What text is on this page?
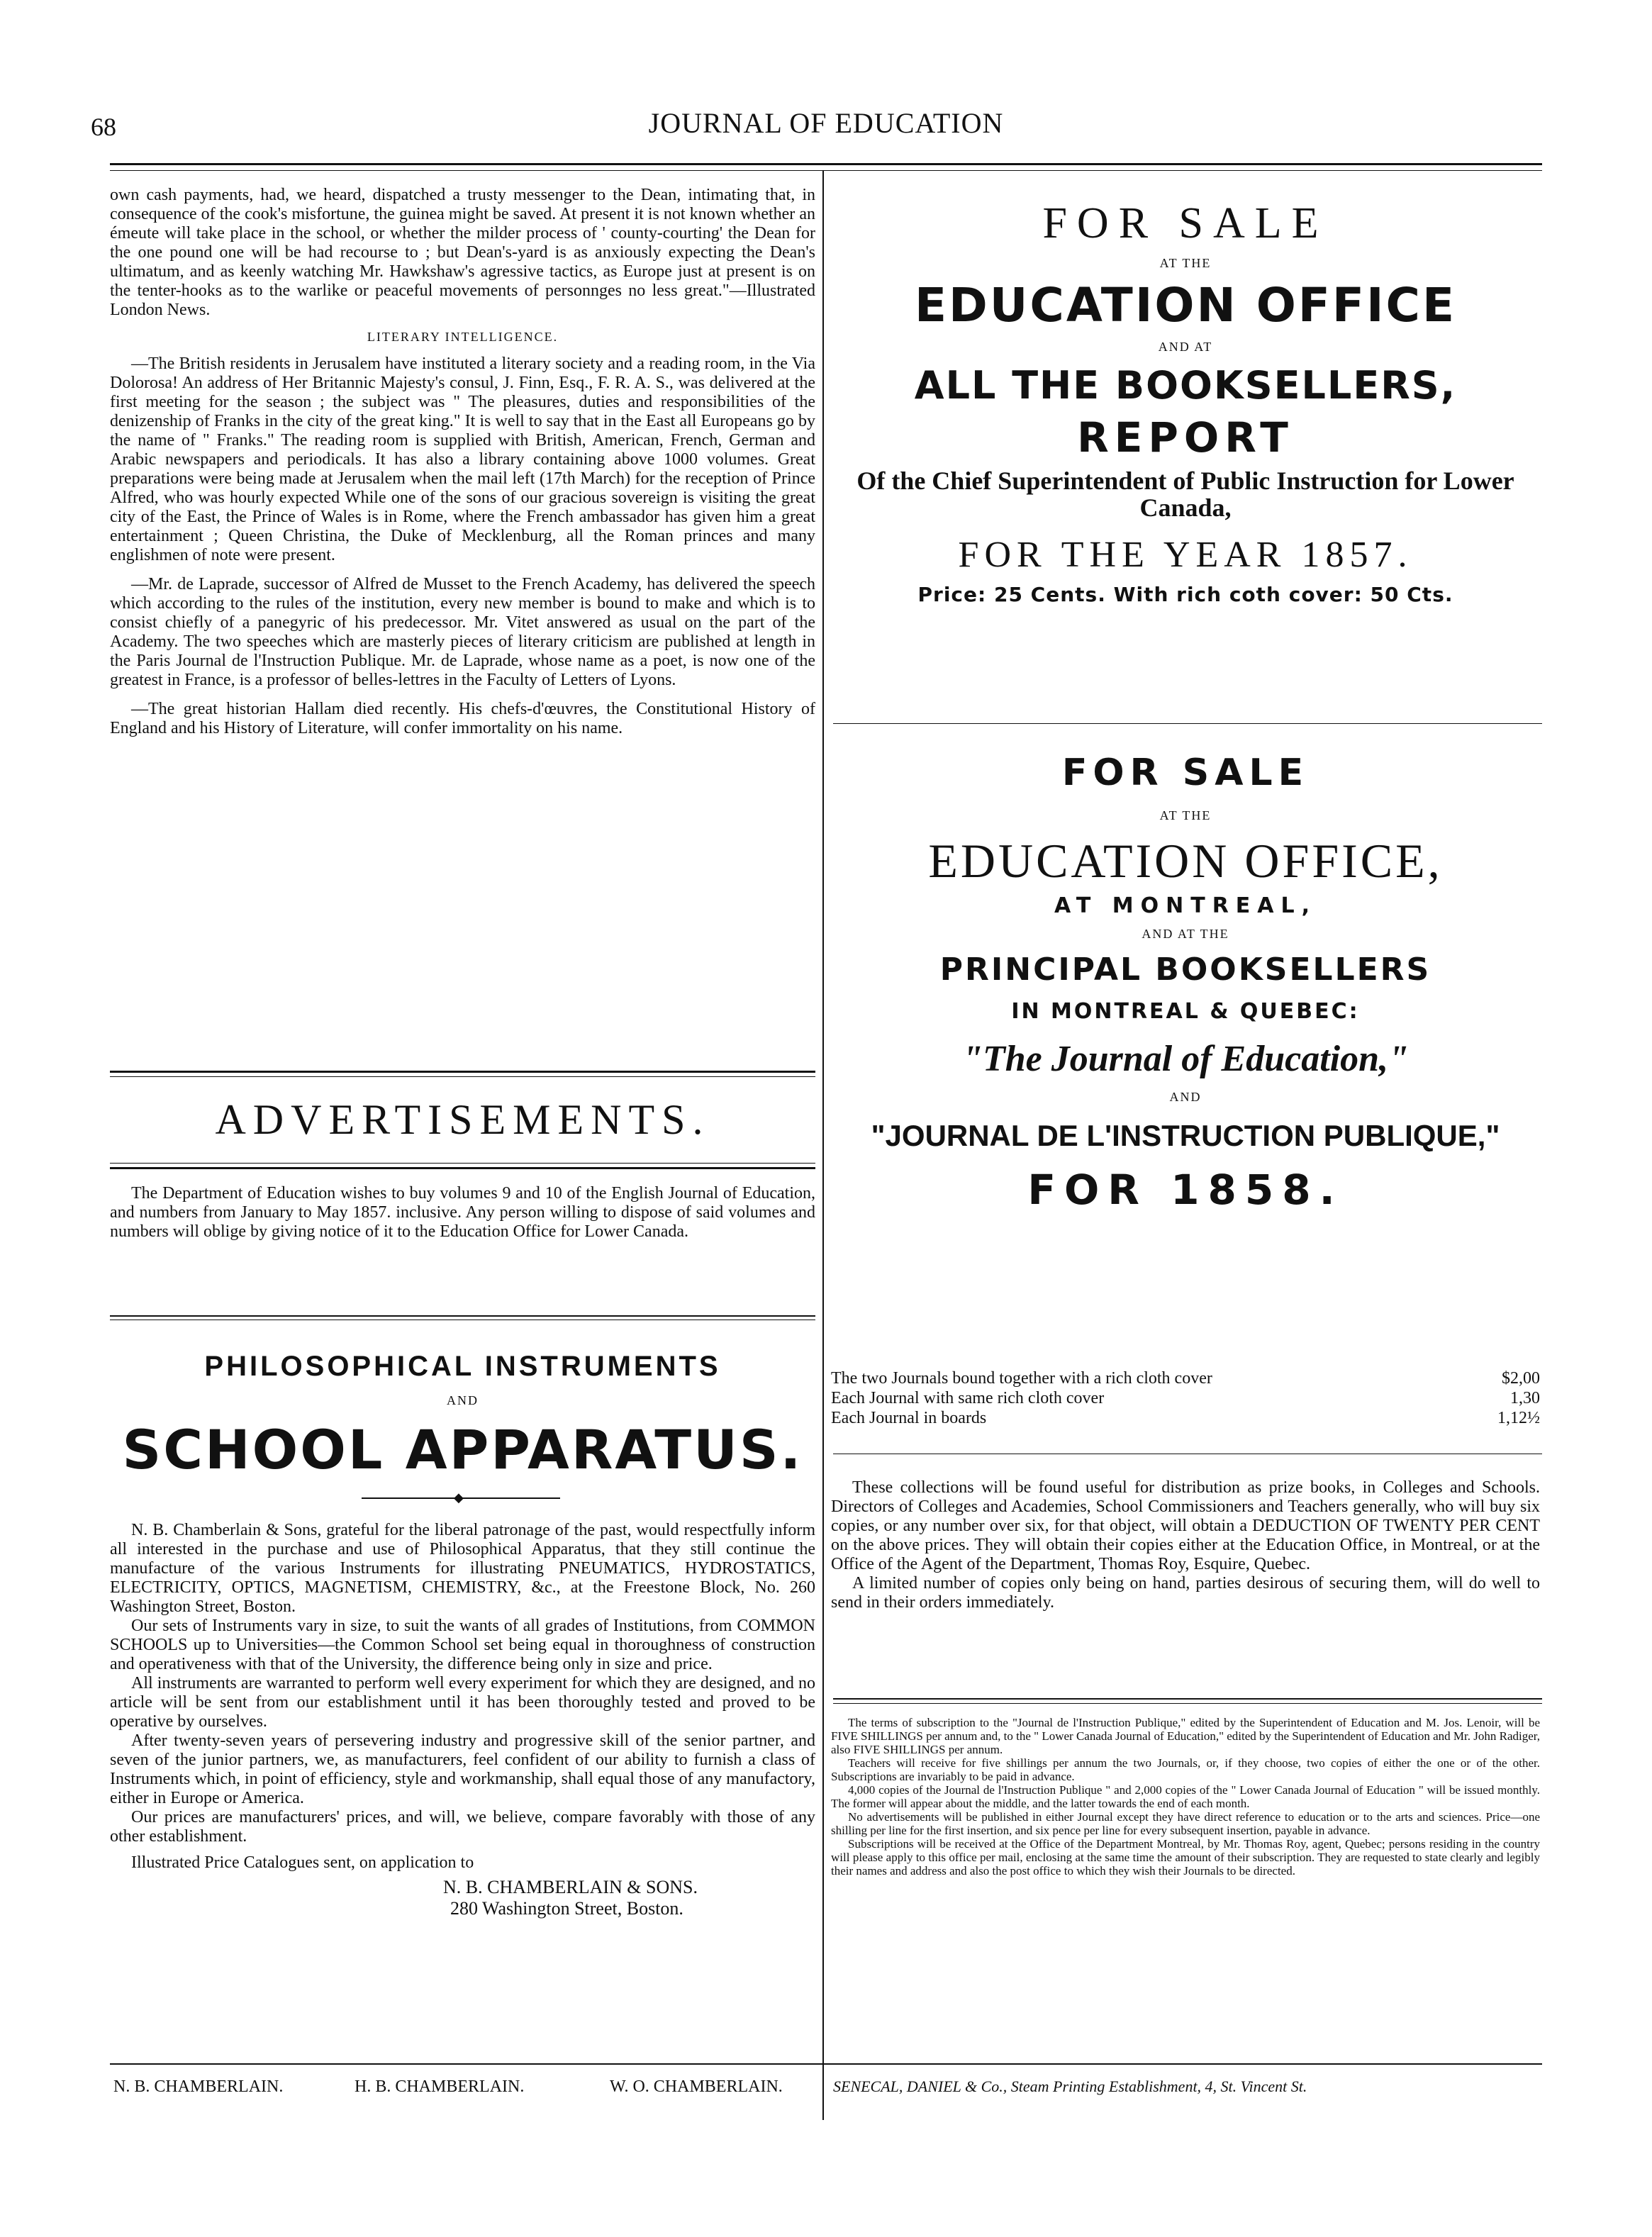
68	JOURNAL OF EDUCATION

own cash payments, had, we heard, dispatched a trusty messenger to the Dean, intimating that, in consequence of the cook's misfortune, the guinea might be saved. At present it is not known whether an émeute will take place in the school, or whether the milder process of ' county-courting' the Dean for the one pound one will be had recourse to ; but Dean's-yard is as anxiously expecting the Dean's ultimatum, and as keenly watching Mr. Hawkshaw's agressive tactics, as Europe just at present is on the tenter-hooks as to the warlike or peaceful movements of personnges no less great."—Illustrated London News.

LITERARY INTELLIGENCE.

—The British residents in Jerusalem have instituted a literary society and a reading room, in the Via Dolorosa! An address of Her Britannic Majesty's consul, J. Finn, Esq., F. R. A. S., was delivered at the first meeting for the season ; the subject was " The pleasures, duties and responsibilities of the denizenship of Franks in the city of the great king." It is well to say that in the East all Europeans go by the name of " Franks." The reading room is supplied with British, American, French, German and Arabic newspapers and periodicals. It has also a library containing above 1000 volumes. Great preparations were being made at Jerusalem when the mail left (17th March) for the reception of Prince Alfred, who was hourly expected While one of the sons of our gracious sovereign is visiting the great city of the East, the Prince of Wales is in Rome, where the French ambassador has given him a great entertainment ; Queen Christina, the Duke of Mecklenburg, all the Roman princes and many englishmen of note were present.

—Mr. de Laprade, successor of Alfred de Musset to the French Academy, has delivered the speech which according to the rules of the institution, every new member is bound to make and which is to consist chiefly of a panegyric of his predecessor. Mr. Vitet answered as usual on the part of the Academy. The two speeches which are masterly pieces of literary criticism are published at length in the Paris Journal de l'Instruction Publique. Mr. de Laprade, whose name as a poet, is now one of the greatest in France, is a professor of belles-lettres in the Faculty of Letters of Lyons.

—The great historian Hallam died recently. His chefs-d'œuvres, the Constitutional History of England and his History of Literature, will confer immortality on his name.

ADVERTISEMENTS.

The Department of Education wishes to buy volumes 9 and 10 of the English Journal of Education, and numbers from January to May 1857. inclusive. Any person willing to dispose of said volumes and numbers will oblige by giving notice of it to the Education Office for Lower Canada.

PHILOSOPHICAL INSTRUMENTS
AND
SCHOOL APPARATUS.
◆

N. B. Chamberlain & Sons, grateful for the liberal patronage of the past, would respectfully inform all interested in the purchase and use of Philosophical Apparatus, that they still continue the manufacture of the various Instruments for illustrating PNEUMATICS, HYDROSTATICS, ELECTRICITY, OPTICS, MAGNETISM, CHEMISTRY, &c., at the Freestone Block, No. 260 Washington Street, Boston.

Our sets of Instruments vary in size, to suit the wants of all grades of Institutions, from COMMON SCHOOLS up to Universities—the Common School set being equal in thoroughness of construction and operativeness with that of the University, the difference being only in size and price.

All instruments are warranted to perform well every experiment for which they are designed, and no article will be sent from our establishment until it has been thoroughly tested and proved to be operative by ourselves.

After twenty-seven years of persevering industry and progressive skill of the senior partner, and seven of the junior partners, we, as manufacturers, feel confident of our ability to furnish a class of Instruments which, in point of efficiency, style and workmanship, shall equal those of any manufactory, either in Europe or America.

Our prices are manufacturers' prices, and will, we believe, compare favorably with those of any other establishment.

Illustrated Price Catalogues sent, on application to

N. B. CHAMBERLAIN & SONS.
280 Washington Street, Boston.
FOR SALE
AT THE
EDUCATION OFFICE
AND AT
ALL THE BOOKSELLERS,
REPORT
Of the Chief Superintendent of Public Instruction for Lower Canada,
FOR THE YEAR 1857.
Price: 25 Cents. With rich coth cover: 50 Cts.
FOR SALE
AT THE
EDUCATION OFFICE,
AT MONTREAL,
AND AT THE
PRINCIPAL BOOKSELLERS
IN MONTREAL & QUEBEC:
"The Journal of Education,"
AND
"JOURNAL DE L'INSTRUCTION PUBLIQUE,"
FOR 1858.
The two Journals bound together with a rich cloth cover	$2,00
Each Journal with same rich cloth cover	1,30
Each Journal in boards	1,12½

These collections will be found useful for distribution as prize books, in Colleges and Schools. Directors of Colleges and Academies, School Commissioners and Teachers generally, who will buy six copies, or any number over six, for that object, will obtain a DEDUCTION OF TWENTY PER CENT on the above prices. They will obtain their copies either at the Education Office, in Montreal, or at the Office of the Agent of the Department, Thomas Roy, Esquire, Quebec.

A limited number of copies only being on hand, parties desirous of securing them, will do well to send in their orders immediately.

The terms of subscription to the "Journal de l'Instruction Publique," edited by the Superintendent of Education and M. Jos. Lenoir, will be FIVE SHILLINGS per annum and, to the " Lower Canada Journal of Education," edited by the Superintendent of Education and Mr. John Radiger, also FIVE SHILLINGS per annum.

Teachers will receive for five shillings per annum the two Journals, or, if they choose, two copies of either the one or of the other. Subscriptions are invariably to be paid in advance.

4,000 copies of the Journal de l'Instruction Publique " and 2,000 copies of the " Lower Canada Journal of Education " will be issued monthly. The former will appear about the middle, and the latter towards the end of each month.

No advertisements will be published in either Journal except they have direct reference to education or to the arts and sciences. Price—one shilling per line for the first insertion, and six pence per line for every subsequent insertion, payable in advance.

Subscriptions will be received at the Office of the Department Montreal, by Mr. Thomas Roy, agent, Quebec; persons residing in the country will please apply to this office per mail, enclosing at the same time the amount of their subscription. They are requested to state clearly and legibly their names and address and also the post office to which they wish their Journals to be directed.

N. B. CHAMBERLAIN.	H. B. CHAMBERLAIN.	W. O. CHAMBERLAIN.	SENECAL, DANIEL & Co., Steam Printing Establishment, 4, St. Vincent St.
